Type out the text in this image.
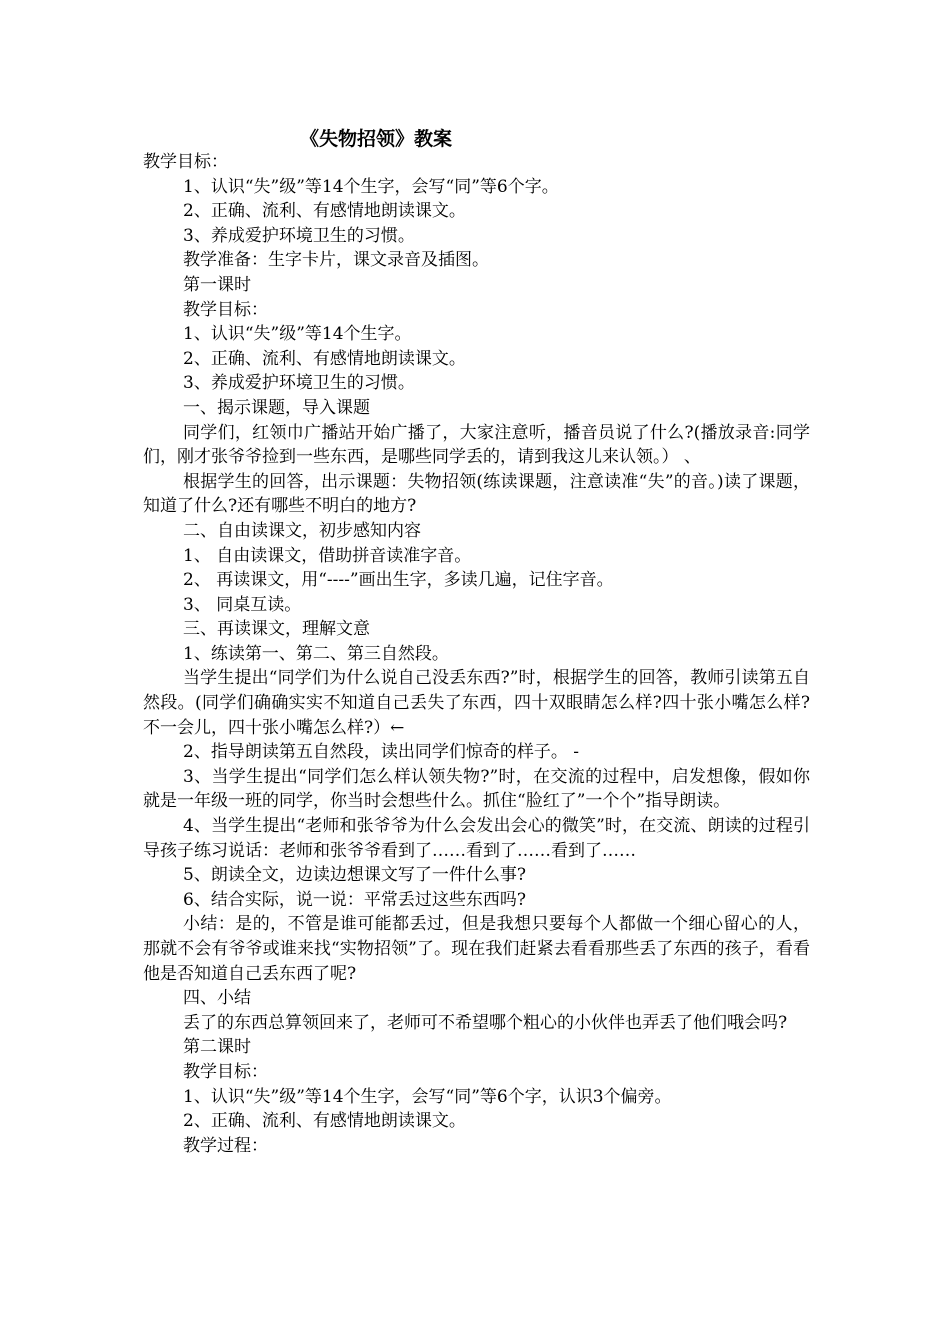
《失物招领》教案

教学目标：

1、认识“失”级”等14个生字，会写“同”等6个字。

2、正确、流利、有感情地朗读课文。

3、养成爱护环境卫生的习惯。

教学准备：生字卡片，课文录音及插图。

第一课时

教学目标：

1、认识“失”级”等14个生字。

2、正确、流利、有感情地朗读课文。

3、养成爱护环境卫生的习惯。

一、揭示课题，导入课题

同学们，红领巾广播站开始广播了，大家注意听，播音员说了什么?(播放录音:同学们，刚才张爷爷捡到一些东西，是哪些同学丢的，请到我这儿来认领。） 、

根据学生的回答，出示课题：失物招领(练读课题，注意读准“失”的音。)读了课题，知道了什么?还有哪些不明白的地方?

二、自由读课文，初步感知内容

1、 自由读课文，借助拼音读准字音。

2、 再读课文，用“----”画出生字，多读几遍，记住字音。

3、 同桌互读。

三、再读课文，理解文意

1、练读第一、第二、第三自然段。

当学生提出“同学们为什么说自己没丢东西?”时，根据学生的回答，教师引读第五自然段。(同学们确确实实不知道自己丢失了东西，四十双眼睛怎么样?四十张小嘴怎么样?不一会儿，四十张小嘴怎么样?）←

2、指导朗读第五自然段，读出同学们惊奇的样子。 -

3、当学生提出“同学们怎么样认领失物?”时，在交流的过程中，启发想像，假如你就是一年级一班的同学，你当时会想些什么。抓住“脸红了”一个个”指导朗读。

4、当学生提出“老师和张爷爷为什么会发出会心的微笑”时，在交流、朗读的过程引导孩子练习说话：老师和张爷爷看到了……看到了……看到了……

5、朗读全文，边读边想课文写了一件什么事?

6、结合实际，说一说：平常丢过这些东西吗?

小结：是的，不管是谁可能都丢过，但是我想只要每个人都做一个细心留心的人，那就不会有爷爷或谁来找“实物招领”了。现在我们赶紧去看看那些丢了东西的孩子，看看他是否知道自己丢东西了呢?

四、小结

丢了的东西总算领回来了，老师可不希望哪个粗心的小伙伴也弄丢了他们哦会吗?

第二课时

教学目标：

1、认识“失”级”等14个生字，会写“同”等6个字，认识3个偏旁。

2、正确、流利、有感情地朗读课文。

教学过程：
